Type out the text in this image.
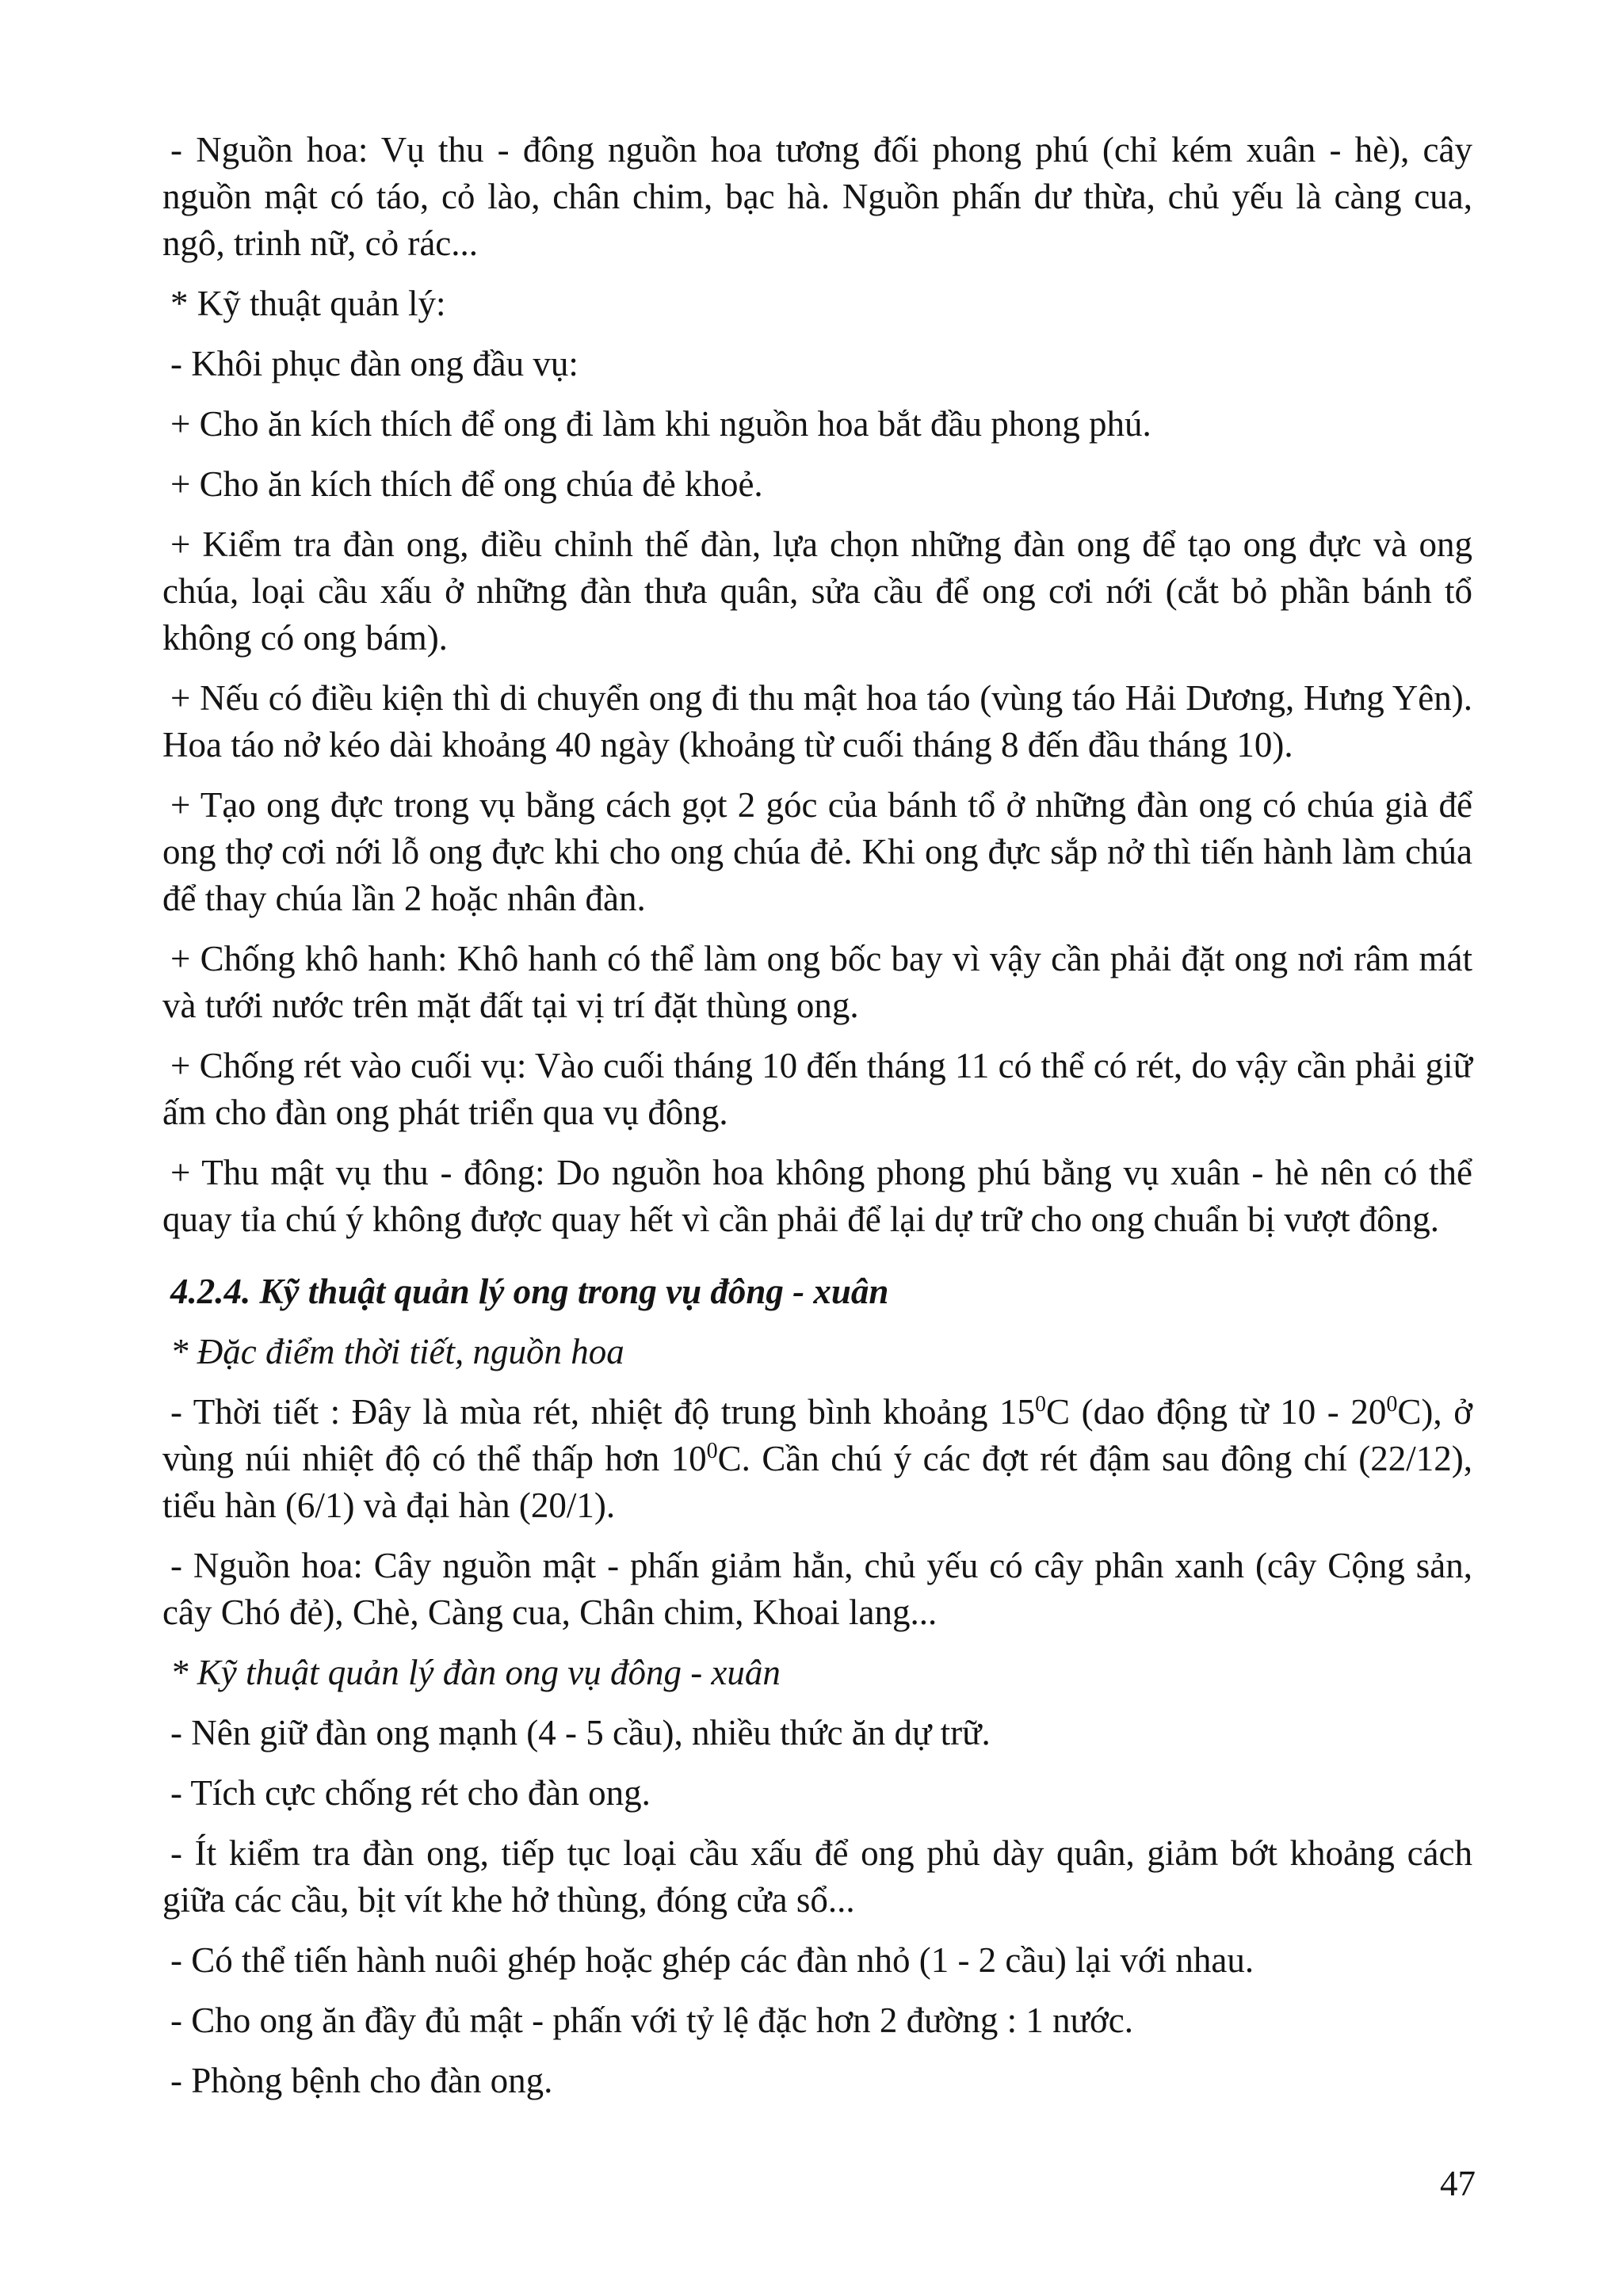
- Nguồn hoa: Vụ thu - đông nguồn hoa tương đối phong phú (chỉ kém xuân - hè), cây nguồn mật có táo, cỏ lào, chân chim, bạc hà. Nguồn phấn dư thừa, chủ yếu là càng cua, ngô, trinh nữ, cỏ rác...

* Kỹ thuật quản lý:

- Khôi phục đàn ong đầu vụ:

+ Cho ăn kích thích để ong đi làm khi nguồn hoa bắt đầu phong phú.

+ Cho ăn kích thích để ong chúa đẻ khoẻ.

+ Kiểm tra đàn ong, điều chỉnh thế đàn, lựa chọn những đàn ong để tạo ong đực và ong chúa, loại cầu xấu ở những đàn thưa quân, sửa cầu để ong cơi nới (cắt bỏ phần bánh tổ không có ong bám).

+ Nếu có điều kiện thì di chuyển ong đi thu mật hoa táo (vùng táo Hải Dương, Hưng Yên). Hoa táo nở kéo dài khoảng 40 ngày (khoảng từ cuối tháng 8 đến đầu tháng 10).

+ Tạo ong đực trong vụ bằng cách gọt 2 góc của bánh tổ ở những đàn ong có chúa già để ong thợ cơi nới lỗ ong đực khi cho ong chúa đẻ. Khi ong đực sắp nở thì tiến hành làm chúa để thay chúa lần 2 hoặc nhân đàn.

+ Chống khô hanh: Khô hanh có thể làm ong bốc bay vì vậy cần phải đặt ong nơi râm mát và tưới nước trên mặt đất tại vị trí đặt thùng ong.

+ Chống rét vào cuối vụ: Vào cuối tháng 10 đến tháng 11 có thể có rét, do vậy cần phải giữ ấm cho đàn ong phát triển qua vụ đông.

+ Thu mật vụ thu - đông: Do nguồn hoa không phong phú bằng vụ xuân - hè nên có thể quay tỉa chú ý không được quay hết vì cần phải để lại dự trữ cho ong chuẩn bị vượt đông.

4.2.4. Kỹ thuật quản lý ong trong vụ đông - xuân

* Đặc điểm thời tiết, nguồn hoa

- Thời tiết : Đây là mùa rét, nhiệt độ trung bình khoảng $15^0C$ (dao động từ $10 - 20^0C$), ở vùng núi nhiệt độ có thể thấp hơn $10^0C$. Cần chú ý các đợt rét đậm sau đông chí (22/12), tiểu hàn (6/1) và đại hàn (20/1).

- Nguồn hoa: Cây nguồn mật - phấn giảm hẳn, chủ yếu có cây phân xanh (cây Cộng sản, cây Chó đẻ), Chè, Càng cua, Chân chim, Khoai lang...

* Kỹ thuật quản lý đàn ong vụ đông - xuân

- Nên giữ đàn ong mạnh (4 - 5 cầu), nhiều thức ăn dự trữ.

- Tích cực chống rét cho đàn ong.

- Ít kiểm tra đàn ong, tiếp tục loại cầu xấu để ong phủ dày quân, giảm bớt khoảng cách giữa các cầu, bịt vít khe hở thùng, đóng cửa sổ...

- Có thể tiến hành nuôi ghép hoặc ghép các đàn nhỏ (1 - 2 cầu) lại với nhau.

- Cho ong ăn đầy đủ mật - phấn với tỷ lệ đặc hơn 2 đường : 1 nước.

- Phòng bệnh cho đàn ong.

47
